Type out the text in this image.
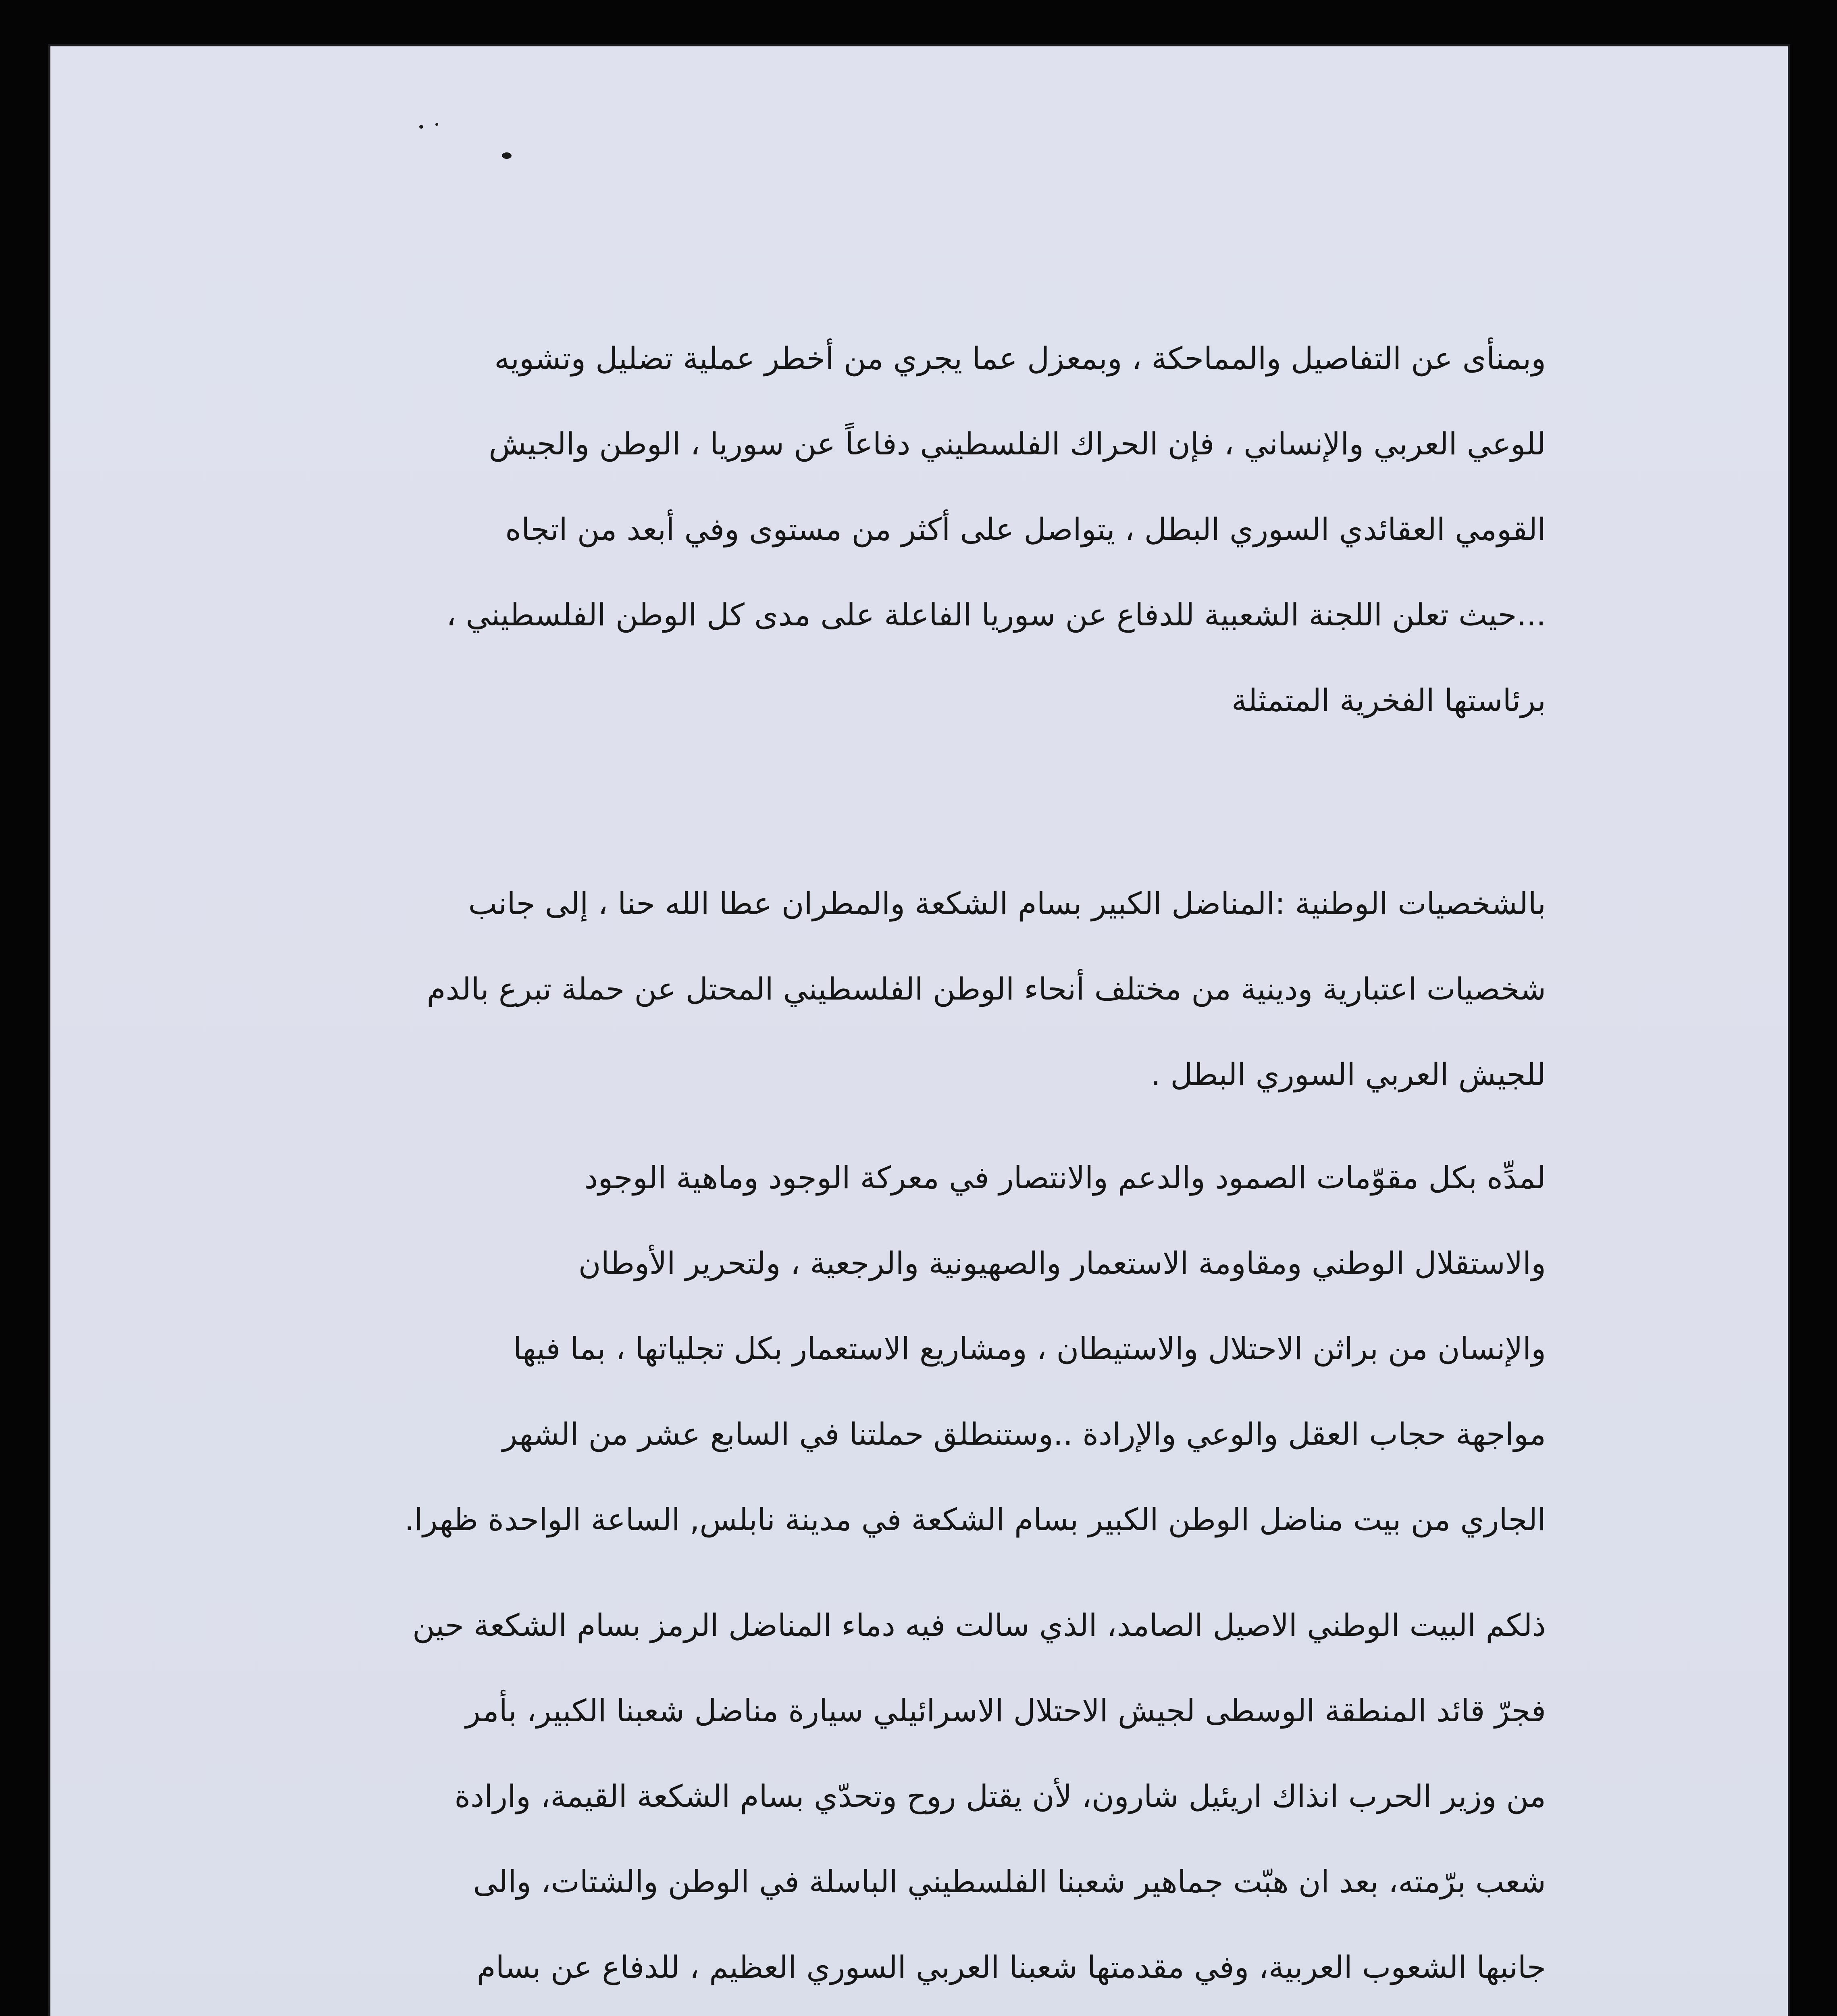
وبمنأى عن التفاصيل والمماحكة ، وبمعزل عما يجري من أخطر عملية تضليل وتشويه
للوعي العربي والإنساني ، فإن الحراك الفلسطيني دفاعاً عن سوريا ، الوطن والجيش
القومي العقائدي السوري البطل ، يتواصل على أكثر من مستوى وفي أبعد من اتجاه
...حيث تعلن اللجنة الشعبية للدفاع عن سوريا الفاعلة على مدى كل الوطن الفلسطيني ،
برئاستها الفخرية المتمثلة
بالشخصيات الوطنية :المناضل الكبير بسام الشكعة والمطران عطا الله حنا ، إلى جانب
شخصيات اعتبارية ودينية من مختلف أنحاء الوطن الفلسطيني المحتل عن حملة تبرع بالدم
للجيش العربي السوري البطل .
لمدِّه بكل مقوّمات الصمود والدعم والانتصار في معركة الوجود وماهية الوجود
والاستقلال الوطني ومقاومة الاستعمار والصهيونية والرجعية ، ولتحرير الأوطان
والإنسان من براثن الاحتلال والاستيطان ، ومشاريع الاستعمار بكل تجلياتها ، بما فيها
مواجهة حجاب العقل والوعي والإرادة ..وستنطلق حملتنا في السابع عشر من الشهر
الجاري من بيت مناضل الوطن الكبير بسام الشكعة في مدينة نابلس, الساعة الواحدة ظهرا.
ذلكم البيت الوطني الاصيل الصامد، الذي سالت فيه دماء المناضل الرمز بسام الشكعة حين
فجرّ قائد المنطقة الوسطى لجيش الاحتلال الاسرائيلي سيارة مناضل شعبنا الكبير، بأمر
من وزير الحرب انذاك اريئيل شارون، لأن يقتل روح وتحدّي بسام الشكعة القيمة، وارادة
شعب برّمته، بعد ان هبّت جماهير شعبنا الفلسطيني الباسلة في الوطن والشتات، والى
جانبها الشعوب العربية، وفي مقدمتها شعبنا العربي السوري العظيم ، للدفاع عن بسام
